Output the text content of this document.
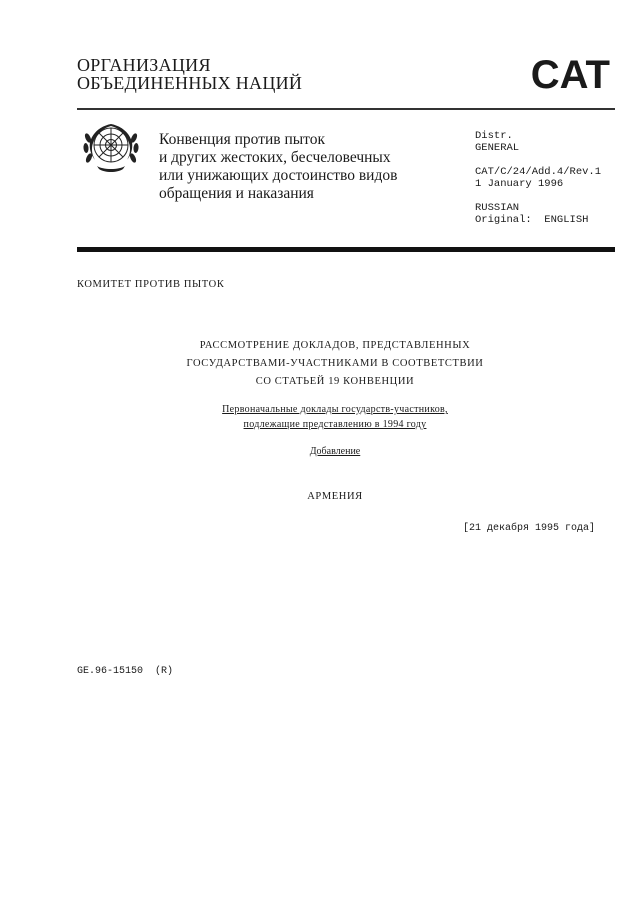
ОРГАНИЗАЦИЯ
ОБЪЕДИНЕННЫХ НАЦИЙ	CAT
Конвенция против пыток
и других жестоких, бесчеловечных
или унижающих достоинство видов
обращения и наказания
Distr.
GENERAL
CAT/C/24/Add.4/Rev.1
1 January 1996
RUSSIAN
Original:  ENGLISH
КОМИТЕТ ПРОТИВ ПЫТОК
РАССМОТРЕНИЕ ДОКЛАДОВ, ПРЕДСТАВЛЕННЫХ
ГОСУДАРСТВАМИ-УЧАСТНИКАМИ В СООТВЕТСТВИИ
СО СТАТЬЕЙ 19 КОНВЕНЦИИ
Первоначальные доклады государств-участников,
подлежащие представлению в 1994 году
Добавление
АРМЕНИЯ
[21 декабря 1995 года]
GE.96-15150  (R)
